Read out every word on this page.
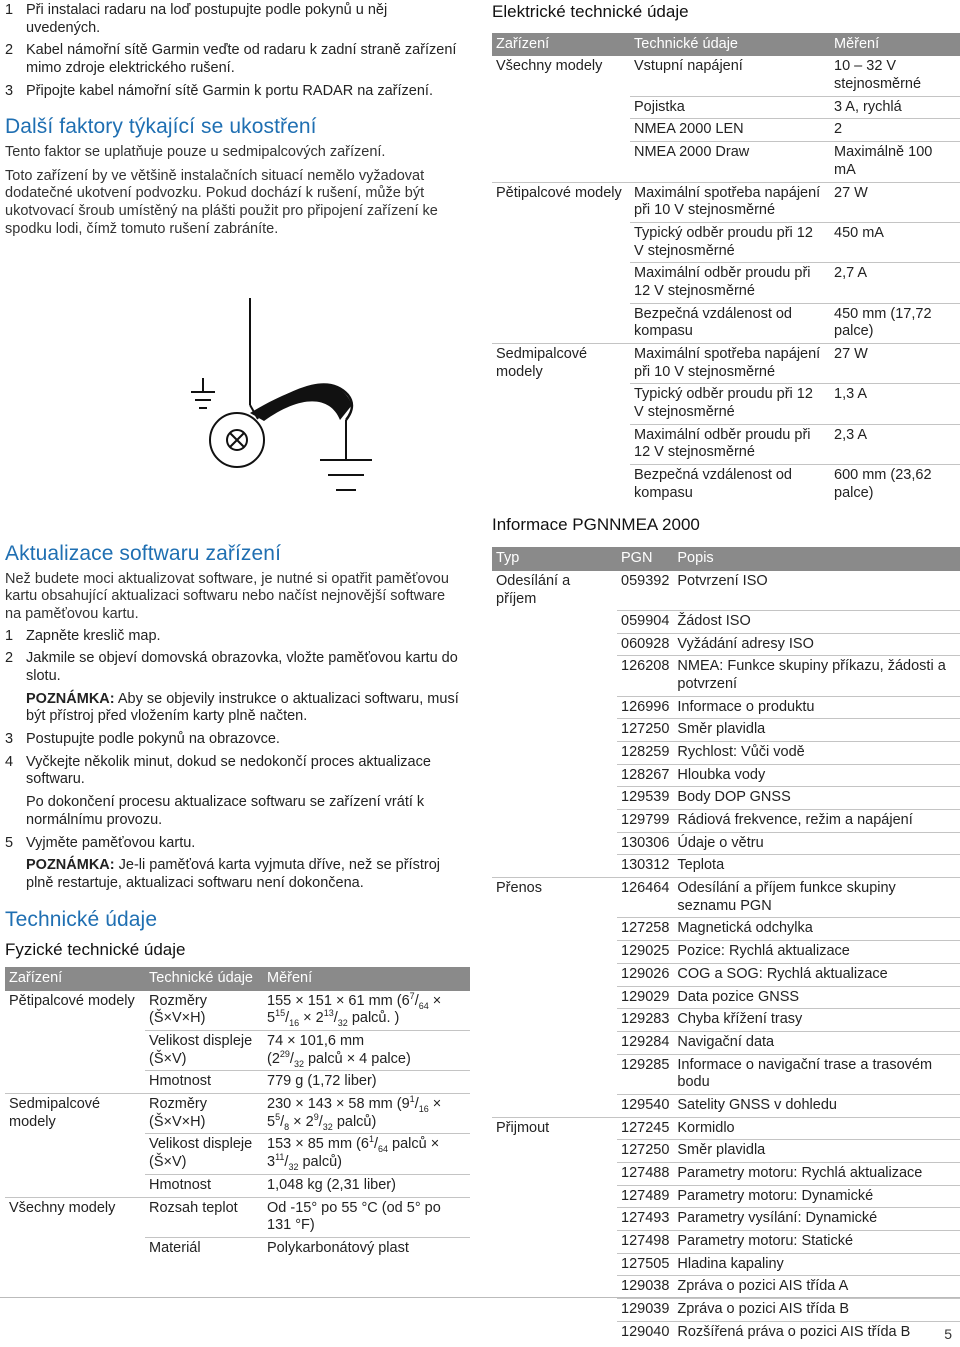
1 Při instalaci radaru na loď postupujte podle pokynů u něj uvedených.
2 Kabel námořní sítě Garmin veďte od radaru k zadní straně zařízení mimo zdroje elektrického rušení.
3 Připojte kabel námořní sítě Garmin k portu RADAR na zařízení.
Další faktory týkající se ukostření

Tento faktor se uplatňuje pouze u sedmipalcových zařízení.

Toto zařízení by ve většině instalačních situací nemělo vyžadovat dodatečné ukotvení podvozku. Pokud dochází k rušení, může být ukotvovací šroub umístěný na plášti použit pro připojení zařízení ke spodku lodi, čímž tomuto rušení zabráníte.

Aktualizace softwaru zařízení

Než budete moci aktualizovat software, je nutné si opatřit paměťovou kartu obsahující aktualizaci softwaru nebo načíst nejnovější software na paměťovou kartu.

1 Zapněte kreslič map.
2 Jakmile se objeví domovská obrazovka, vložte paměťovou kartu do slotu.
POZNÁMKA: Aby se objevily instrukce o aktualizaci softwaru, musí být přístroj před vložením karty plně načten.
3 Postupujte podle pokynů na obrazovce.
4 Vyčkejte několik minut, dokud se nedokončí proces aktualizace softwaru.
Po dokončení procesu aktualizace softwaru se zařízení vrátí k normálnímu provozu.
5 Vyjměte paměťovou kartu.
POZNÁMKA: Je-li paměťová karta vyjmuta dříve, než se přístroj plně restartuje, aktualizaci softwaru není dokončena.
Technické údaje
Fyzické technické údaje
Zařízení	Technické údaje	Měření
Pětipalcové modely	Rozměry (Š×V×H)	155 × 151 × 61 mm ($6^7/_{64} \times 5^{15}/_{16} \times 2^{13}/_{32}$ palců. )
	Velikost displeje (Š×V)	74 × 101,6 mm
($2^{29}/_{32}$ palců × 4 palce)
	Hmotnost	779 g (1,72 liber)
Sedmipalcové modely	Rozměry (Š×V×H)	230 × 143 × 58 mm ($9^1/_{16} \times 5^5/_8 \times 2^9/_{32}$ palců)
	Velikost displeje (Š×V)	153 × 85 mm ($6^1/_{64}$ palců × $3^{11}/_{32}$ palců)
	Hmotnost	1,048 kg (2,31 liber)
Všechny modely	Rozsah teplot	Od -15° po 55 °C (od 5° po 131 °F)
	Materiál	Polykarbonátový plast
Elektrické technické údaje
Zařízení	Technické údaje	Měření
Všechny modely	Vstupní napájení	10 – 32 V stejnosměrné
	Pojistka	3 A, rychlá
	NMEA 2000 LEN	2
	NMEA 2000 Draw	Maximálně 100 mA
Pětipalcové modely	Maximální spotřeba napájení při 10 V stejnosměrné	27 W
	Typický odběr proudu při 12 V stejnosměrné	450 mA
	Maximální odběr proudu při 12 V stejnosměrné	2,7 A
	Bezpečná vzdálenost od kompasu	450 mm (17,72 palce)
Sedmipalcové modely	Maximální spotřeba napájení při 10 V stejnosměrné	27 W
	Typický odběr proudu při 12 V stejnosměrné	1,3 A
	Maximální odběr proudu při 12 V stejnosměrné	2,3 A
	Bezpečná vzdálenost od kompasu	600 mm (23,62 palce)
Informace PGNNMEA 2000
Typ	PGN	Popis
Odesílání a příjem	059392	Potvrzení ISO
	059904	Žádost ISO
	060928	Vyžádání adresy ISO
	126208	NMEA: Funkce skupiny příkazu, žádosti a potvrzení
	126996	Informace o produktu
	127250	Směr plavidla
	128259	Rychlost: Vůči vodě
	128267	Hloubka vody
	129539	Body DOP GNSS
	129799	Rádiová frekvence, režim a napájení
	130306	Údaje o větru
	130312	Teplota
Přenos	126464	Odesílání a příjem funkce skupiny seznamu PGN
	127258	Magnetická odchylka
	129025	Pozice: Rychlá aktualizace
	129026	COG a SOG: Rychlá aktualizace
	129029	Data pozice GNSS
	129283	Chyba křížení trasy
	129284	Navigační data
	129285	Informace o navigační trase a trasovém bodu
	129540	Satelity GNSS v dohledu
Přijmout	127245	Kormidlo
	127250	Směr plavidla
	127488	Parametry motoru: Rychlá aktualizace
	127489	Parametry motoru: Dynamické
	127493	Parametry vysílání: Dynamické
	127498	Parametry motoru: Statické
	127505	Hladina kapaliny
	129038	Zpráva o pozici AIS třída A
	129039	Zpráva o pozici AIS třída B
	129040	Rozšířená práva o pozici AIS třída B 5
